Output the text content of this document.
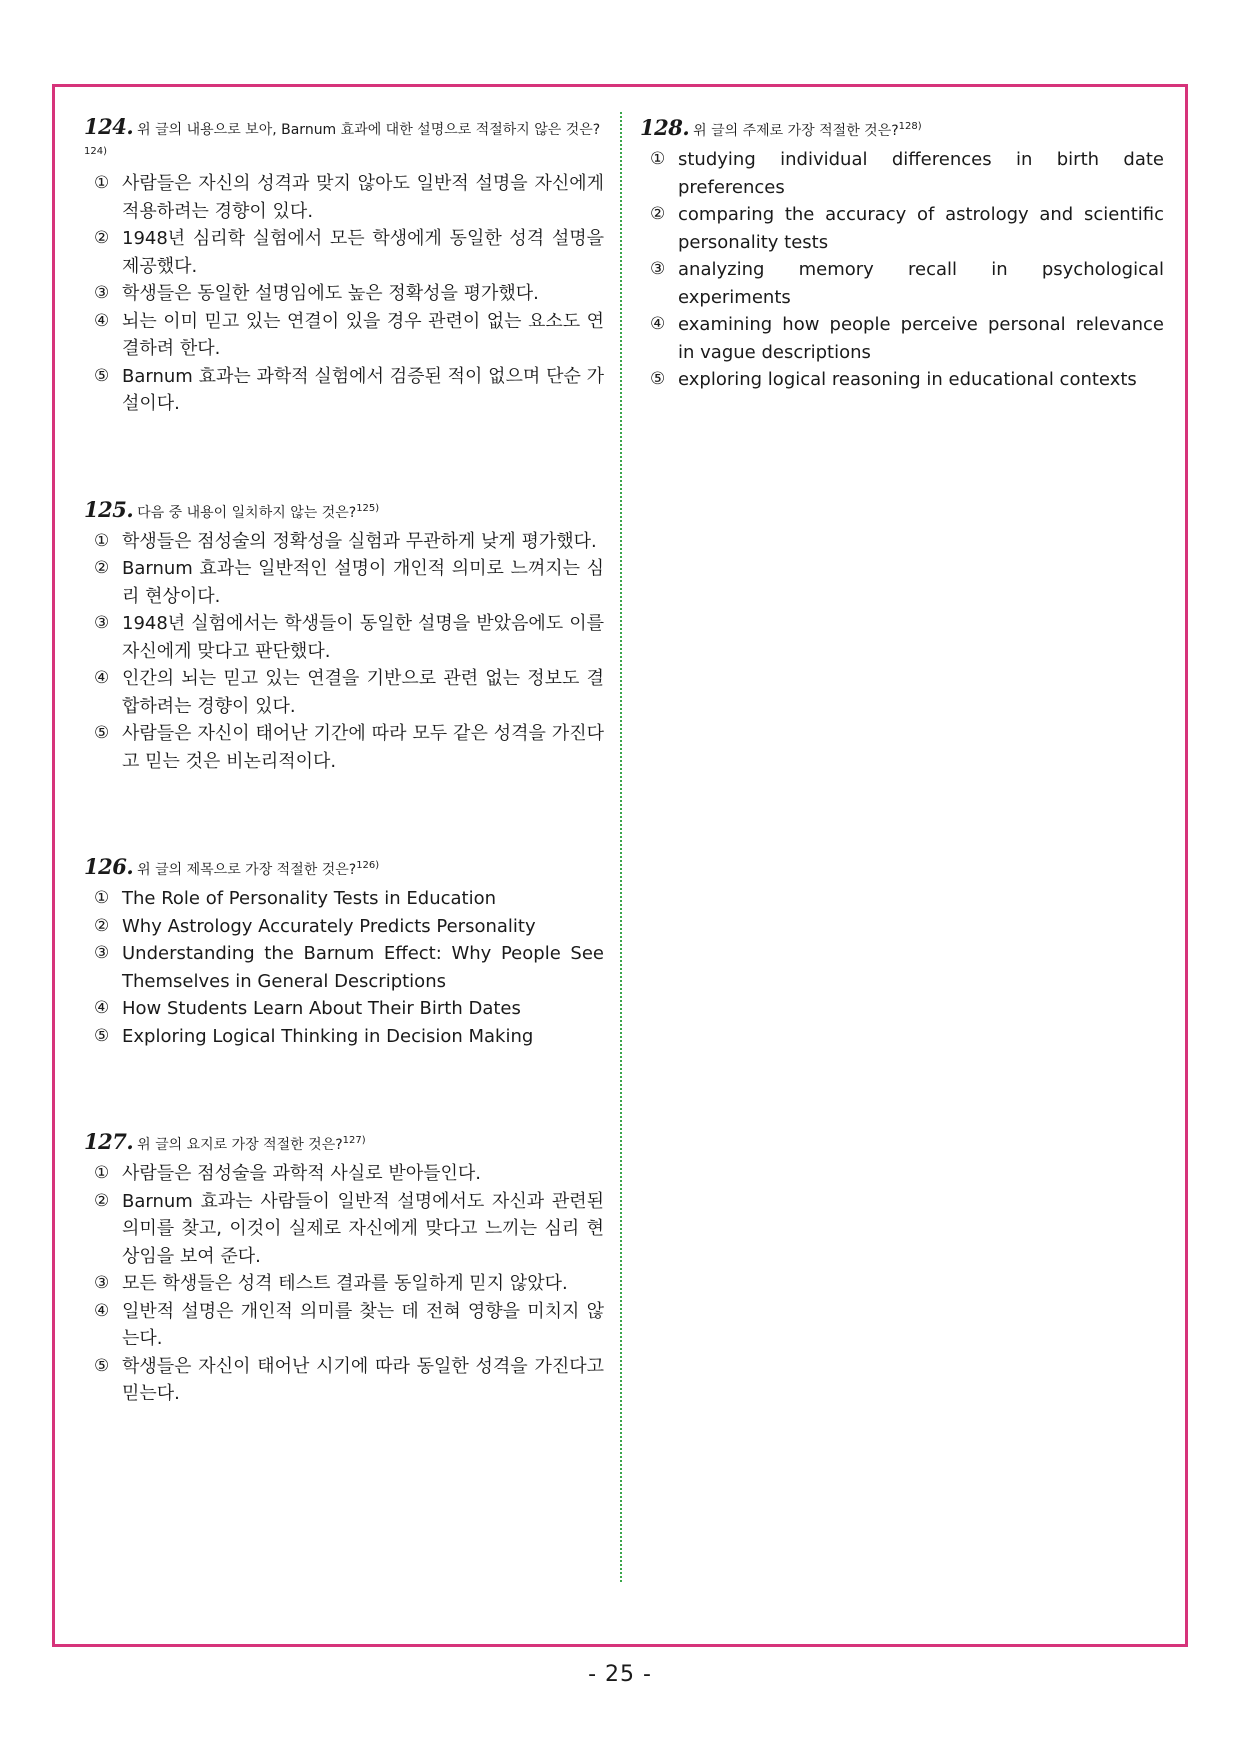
124. 위 글의 내용으로 보아, Barnum 효과에 대한 설명으로 적절하지 않은 것은?$^{124)}$
① 사람들은 자신의 성격과 맞지 않아도 일반적 설명을 자신에게 적용하려는 경향이 있다.
② 1948년 심리학 실험에서 모든 학생에게 동일한 성격 설명을 제공했다.
③ 학생들은 동일한 설명임에도 높은 정확성을 평가했다.
④ 뇌는 이미 믿고 있는 연결이 있을 경우 관련이 없는 요소도 연결하려 한다.
⑤ Barnum 효과는 과학적 실험에서 검증된 적이 없으며 단순 가설이다.
125. 다음 중 내용이 일치하지 않는 것은?$^{125)}$
① 학생들은 점성술의 정확성을 실험과 무관하게 낮게 평가했다.
② Barnum 효과는 일반적인 설명이 개인적 의미로 느껴지는 심리 현상이다.
③ 1948년 실험에서는 학생들이 동일한 설명을 받았음에도 이를 자신에게 맞다고 판단했다.
④ 인간의 뇌는 믿고 있는 연결을 기반으로 관련 없는 정보도 결합하려는 경향이 있다.
⑤ 사람들은 자신이 태어난 기간에 따라 모두 같은 성격을 가진다고 믿는 것은 비논리적이다.
126. 위 글의 제목으로 가장 적절한 것은?$^{126)}$
① The Role of Personality Tests in Education
② Why Astrology Accurately Predicts Personality
③ Understanding the Barnum Effect: Why People See Themselves in General Descriptions
④ How Students Learn About Their Birth Dates
⑤ Exploring Logical Thinking in Decision Making
127. 위 글의 요지로 가장 적절한 것은?$^{127)}$
① 사람들은 점성술을 과학적 사실로 받아들인다.
② Barnum 효과는 사람들이 일반적 설명에서도 자신과 관련된 의미를 찾고, 이것이 실제로 자신에게 맞다고 느끼는 심리 현상임을 보여 준다.
③ 모든 학생들은 성격 테스트 결과를 동일하게 믿지 않았다.
④ 일반적 설명은 개인적 의미를 찾는 데 전혀 영향을 미치지 않는다.
⑤ 학생들은 자신이 태어난 시기에 따라 동일한 성격을 가진다고 믿는다.
128. 위 글의 주제로 가장 적절한 것은?$^{128)}$
① studying individual differences in birth date preferences
② comparing the accuracy of astrology and scientific personality tests
③ analyzing memory recall in psychological experiments
④ examining how people perceive personal relevance in vague descriptions
⑤ exploring logical reasoning in educational contexts
- 25 -
